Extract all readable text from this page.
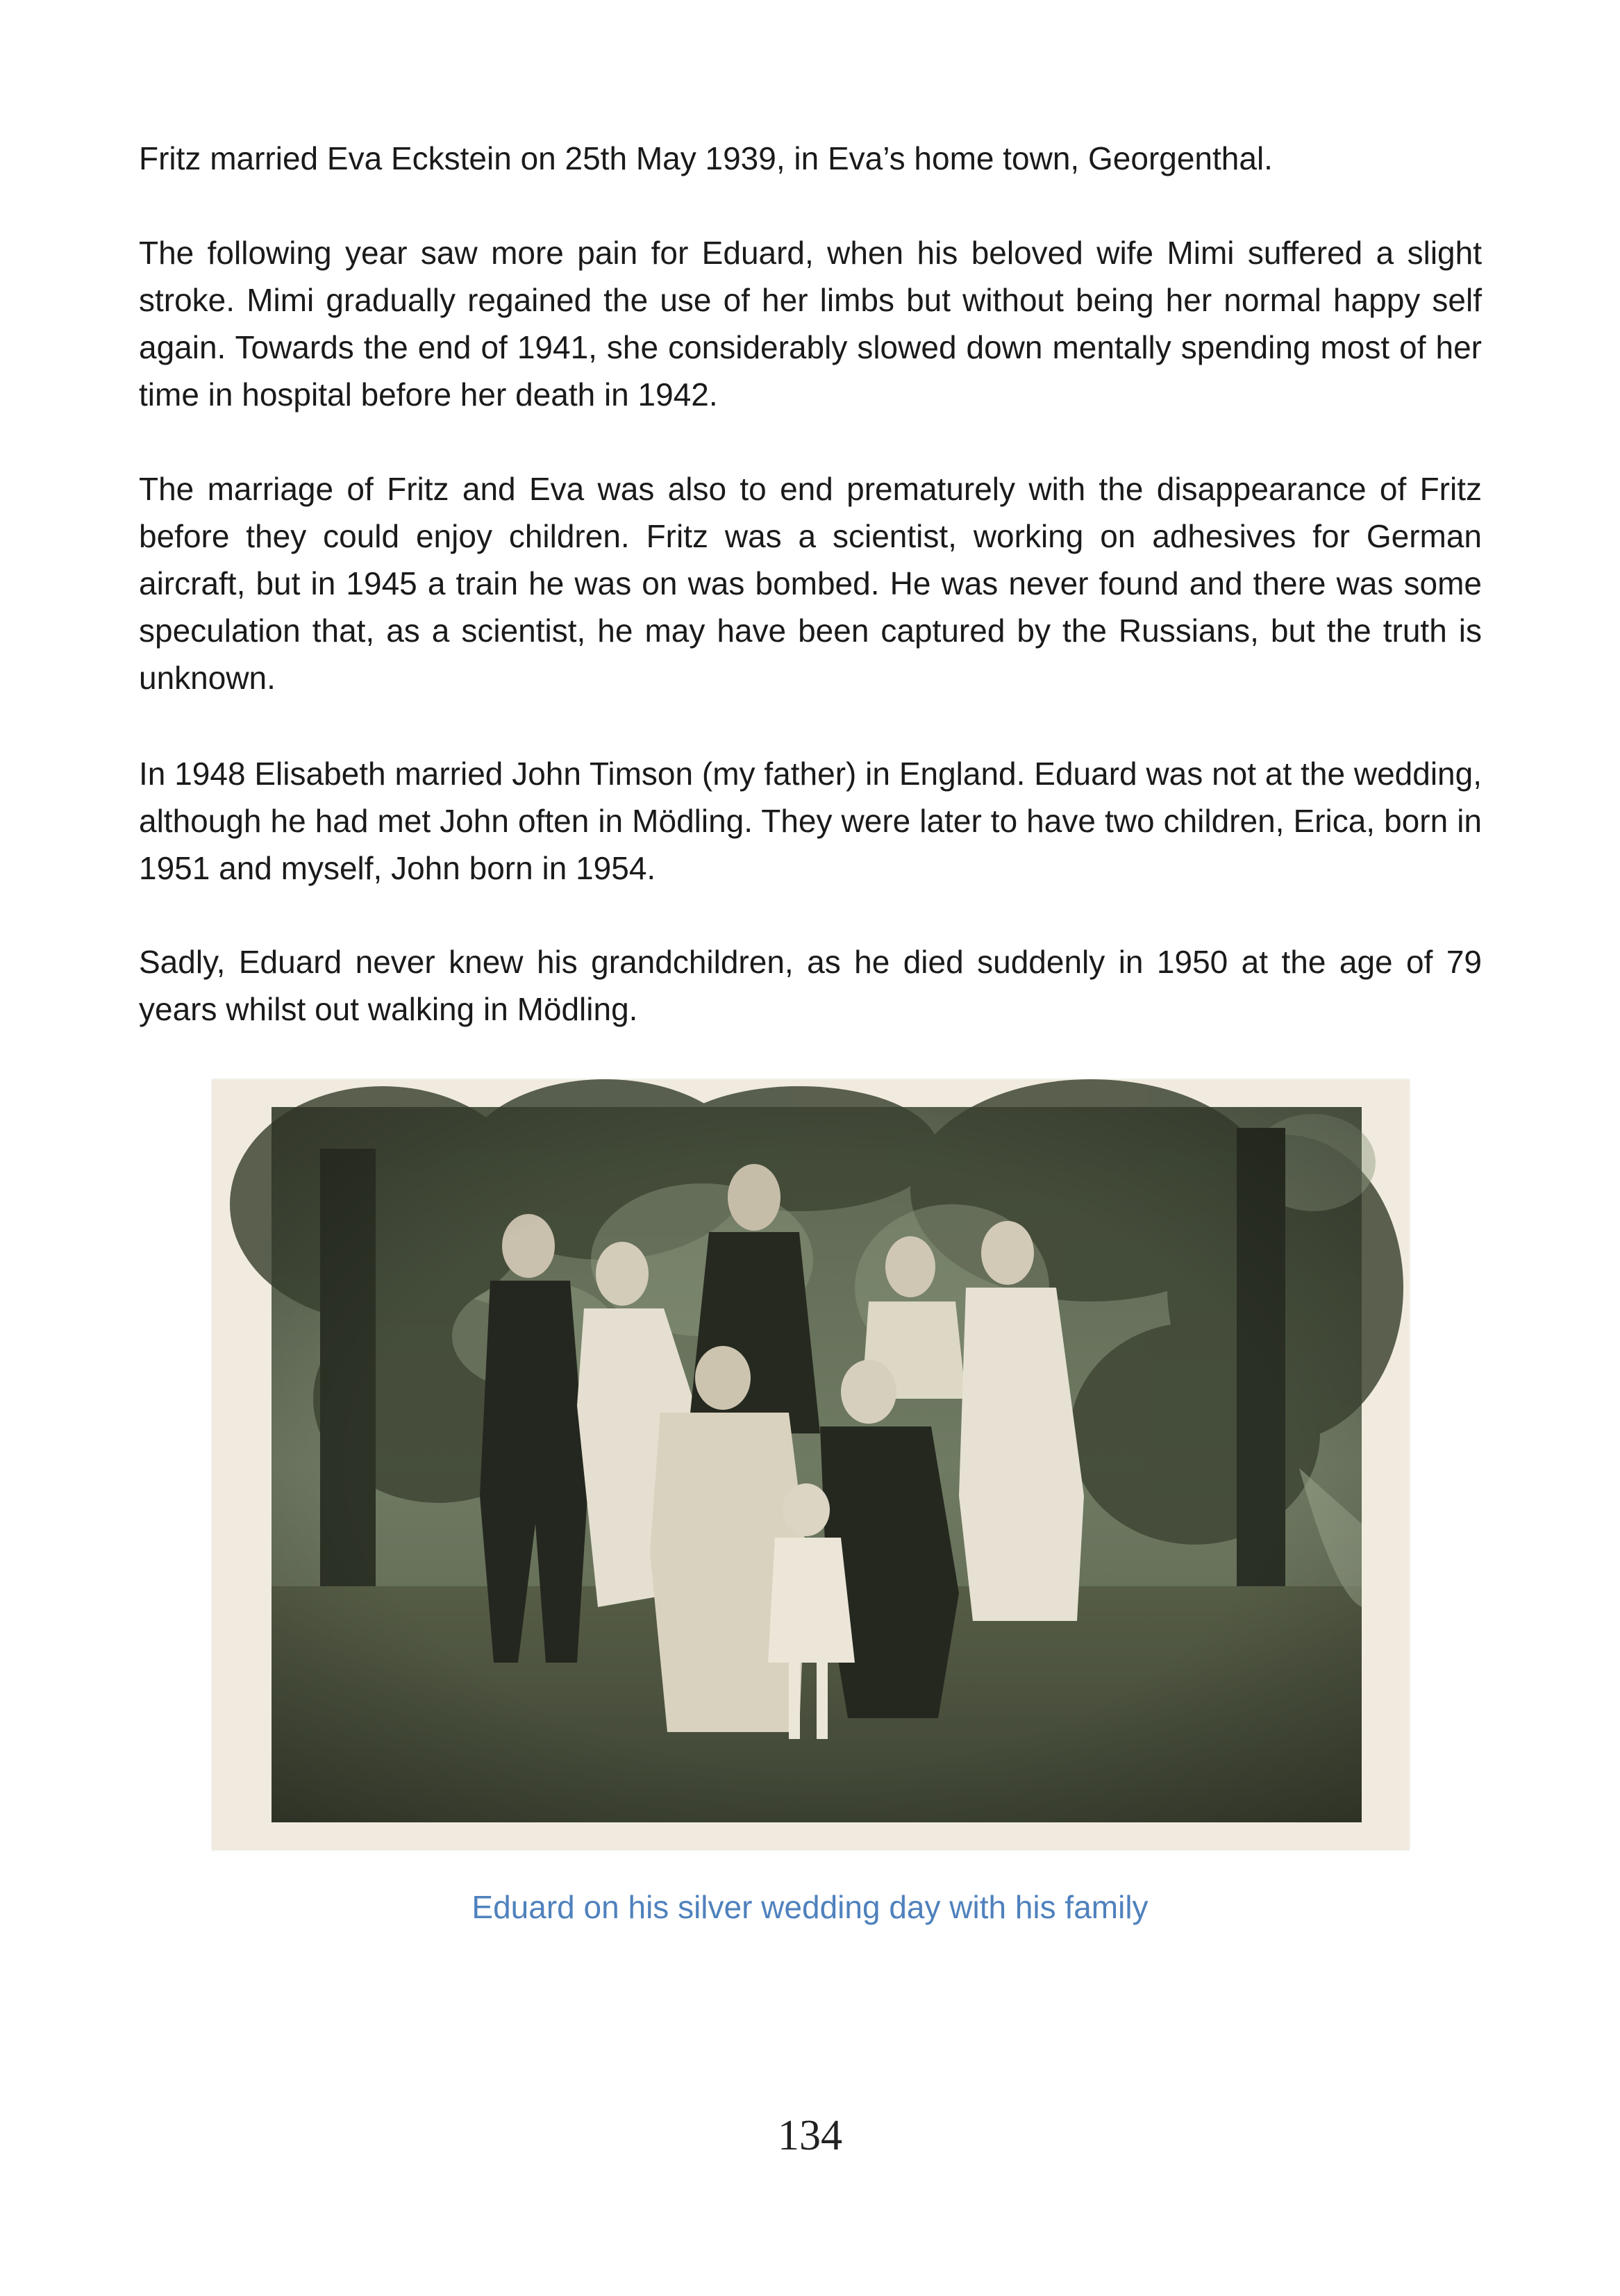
Fritz married Eva Eckstein on 25th May 1939, in Eva’s home town, Georgenthal.

The following year saw more pain for Eduard, when his beloved wife Mimi suffered a slight stroke. Mimi gradually regained the use of her limbs but without being her normal happy self again. Towards the end of 1941, she considerably slowed down mentally spending most of her time in hospital before her death in 1942.

The marriage of Fritz and Eva was also to end prematurely with the disappearance of Fritz before they could enjoy children. Fritz was a scientist, working on adhesives for German aircraft, but in 1945 a train he was on was bombed. He was never found and there was some speculation that, as a scientist, he may have been captured by the Russians, but the truth is unknown.

In 1948 Elisabeth married John Timson (my father) in England. Eduard was not at the wedding, although he had met John often in Mödling. They were later to have two children, Erica, born in 1951 and myself, John born in 1954.

Sadly, Eduard never knew his grandchildren, as he died suddenly in 1950 at the age of 79 years whilst out walking in Mödling.

Eduard on his silver wedding day with his family

134
